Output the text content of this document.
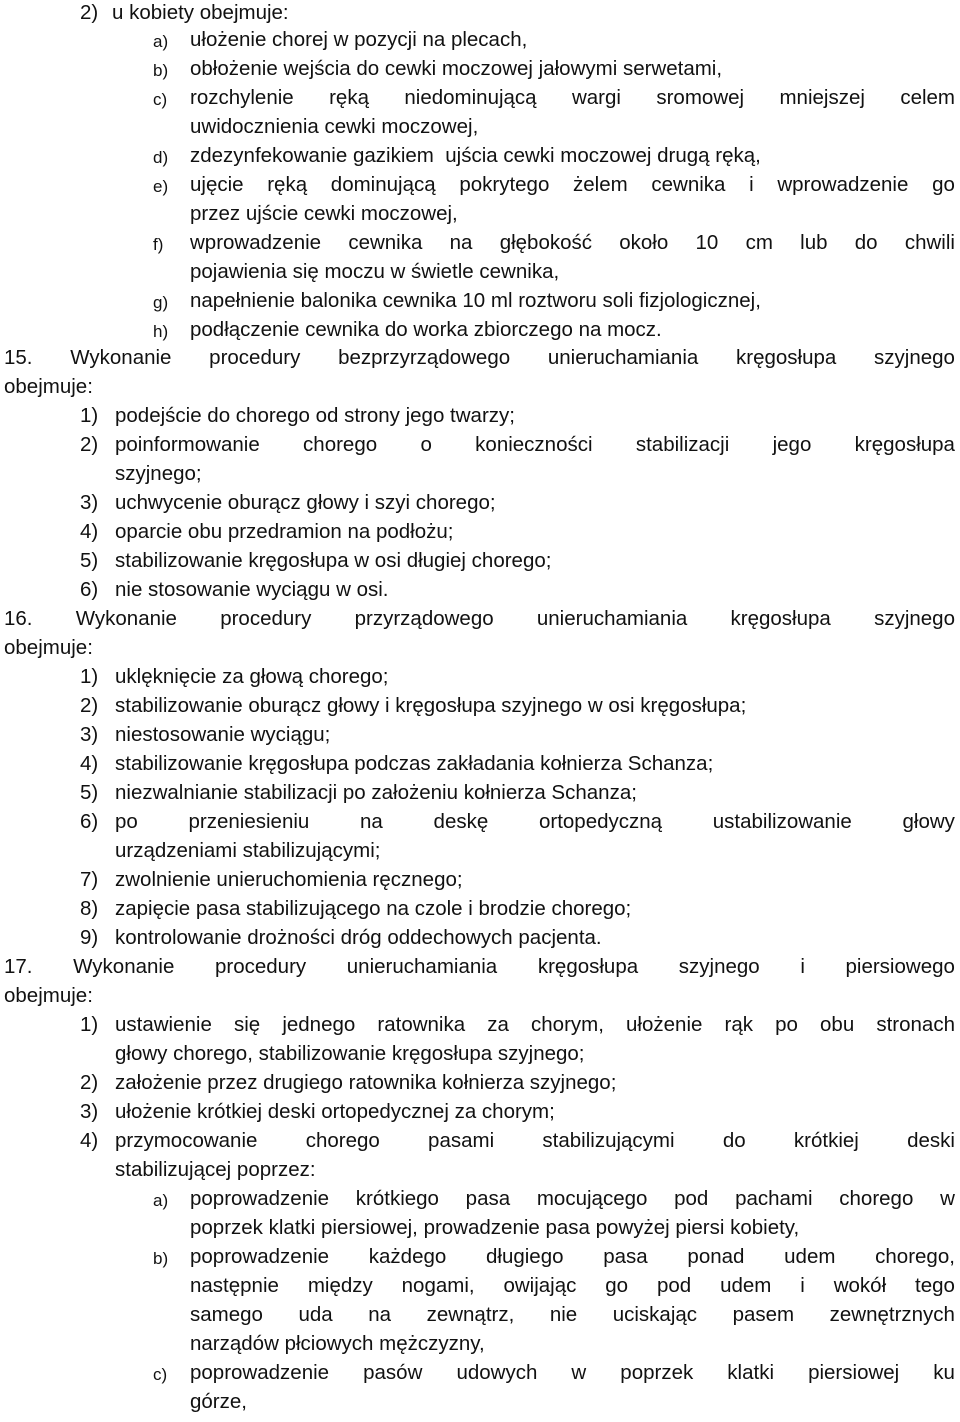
2) u kobiety obejmuje:
a) ułożenie chorej w pozycji na plecach,
b) obłożenie wejścia do cewki moczowej jałowymi serwetami,
c) rozchylenie ręką niedominującą wargi sromowej mniejszej celem
uwidocznienia cewki moczowej,
d) zdezynfekowanie gazikiem  ujścia cewki moczowej drugą ręką,
e) ujęcie ręką dominującą pokrytego żelem cewnika i wprowadzenie go
przez ujście cewki moczowej,
f) wprowadzenie cewnika na głębokość około 10 cm lub do chwili
pojawienia się moczu w świetle cewnika,
g) napełnienie balonika cewnika 10 ml roztworu soli fizjologicznej,
h) podłączenie cewnika do worka zbiorczego na mocz.
15. Wykonanie procedury bezprzyrządowego unieruchamiania kręgosłupa szyjnego
obejmuje:
1) podejście do chorego od strony jego twarzy;
2) poinformowanie chorego o konieczności stabilizacji jego kręgosłupa
szyjnego;
3) uchwycenie oburącz głowy i szyi chorego;
4) oparcie obu przedramion na podłożu;
5) stabilizowanie kręgosłupa w osi długiej chorego;
6) nie stosowanie wyciągu w osi.
16. Wykonanie procedury przyrządowego unieruchamiania kręgosłupa szyjnego
obejmuje:
1) uklęknięcie za głową chorego;
2) stabilizowanie oburącz głowy i kręgosłupa szyjnego w osi kręgosłupa;
3) niestosowanie wyciągu;
4) stabilizowanie kręgosłupa podczas zakładania kołnierza Schanza;
5) niezwalnianie stabilizacji po założeniu kołnierza Schanza;
6) po przeniesieniu na deskę ortopedyczną ustabilizowanie głowy
urządzeniami stabilizującymi;
7) zwolnienie unieruchomienia ręcznego;
8) zapięcie pasa stabilizującego na czole i brodzie chorego;
9) kontrolowanie drożności dróg oddechowych pacjenta.
17. Wykonanie procedury unieruchamiania kręgosłupa szyjnego i piersiowego
obejmuje:
1) ustawienie się jednego ratownika za chorym, ułożenie rąk po obu stronach
głowy chorego, stabilizowanie kręgosłupa szyjnego;
2) założenie przez drugiego ratownika kołnierza szyjnego;
3) ułożenie krótkiej deski ortopedycznej za chorym;
4) przymocowanie chorego pasami stabilizującymi do krótkiej deski
stabilizującej poprzez:
a) poprowadzenie krótkiego pasa mocującego pod pachami chorego w
poprzek klatki piersiowej, prowadzenie pasa powyżej piersi kobiety,
b) poprowadzenie każdego długiego pasa ponad udem chorego,
następnie między nogami, owijając go pod udem i wokół tego
samego uda na zewnątrz, nie uciskając pasem zewnętrznych
narządów płciowych mężczyzny,
c) poprowadzenie pasów udowych w poprzek klatki piersiowej ku
górze,
